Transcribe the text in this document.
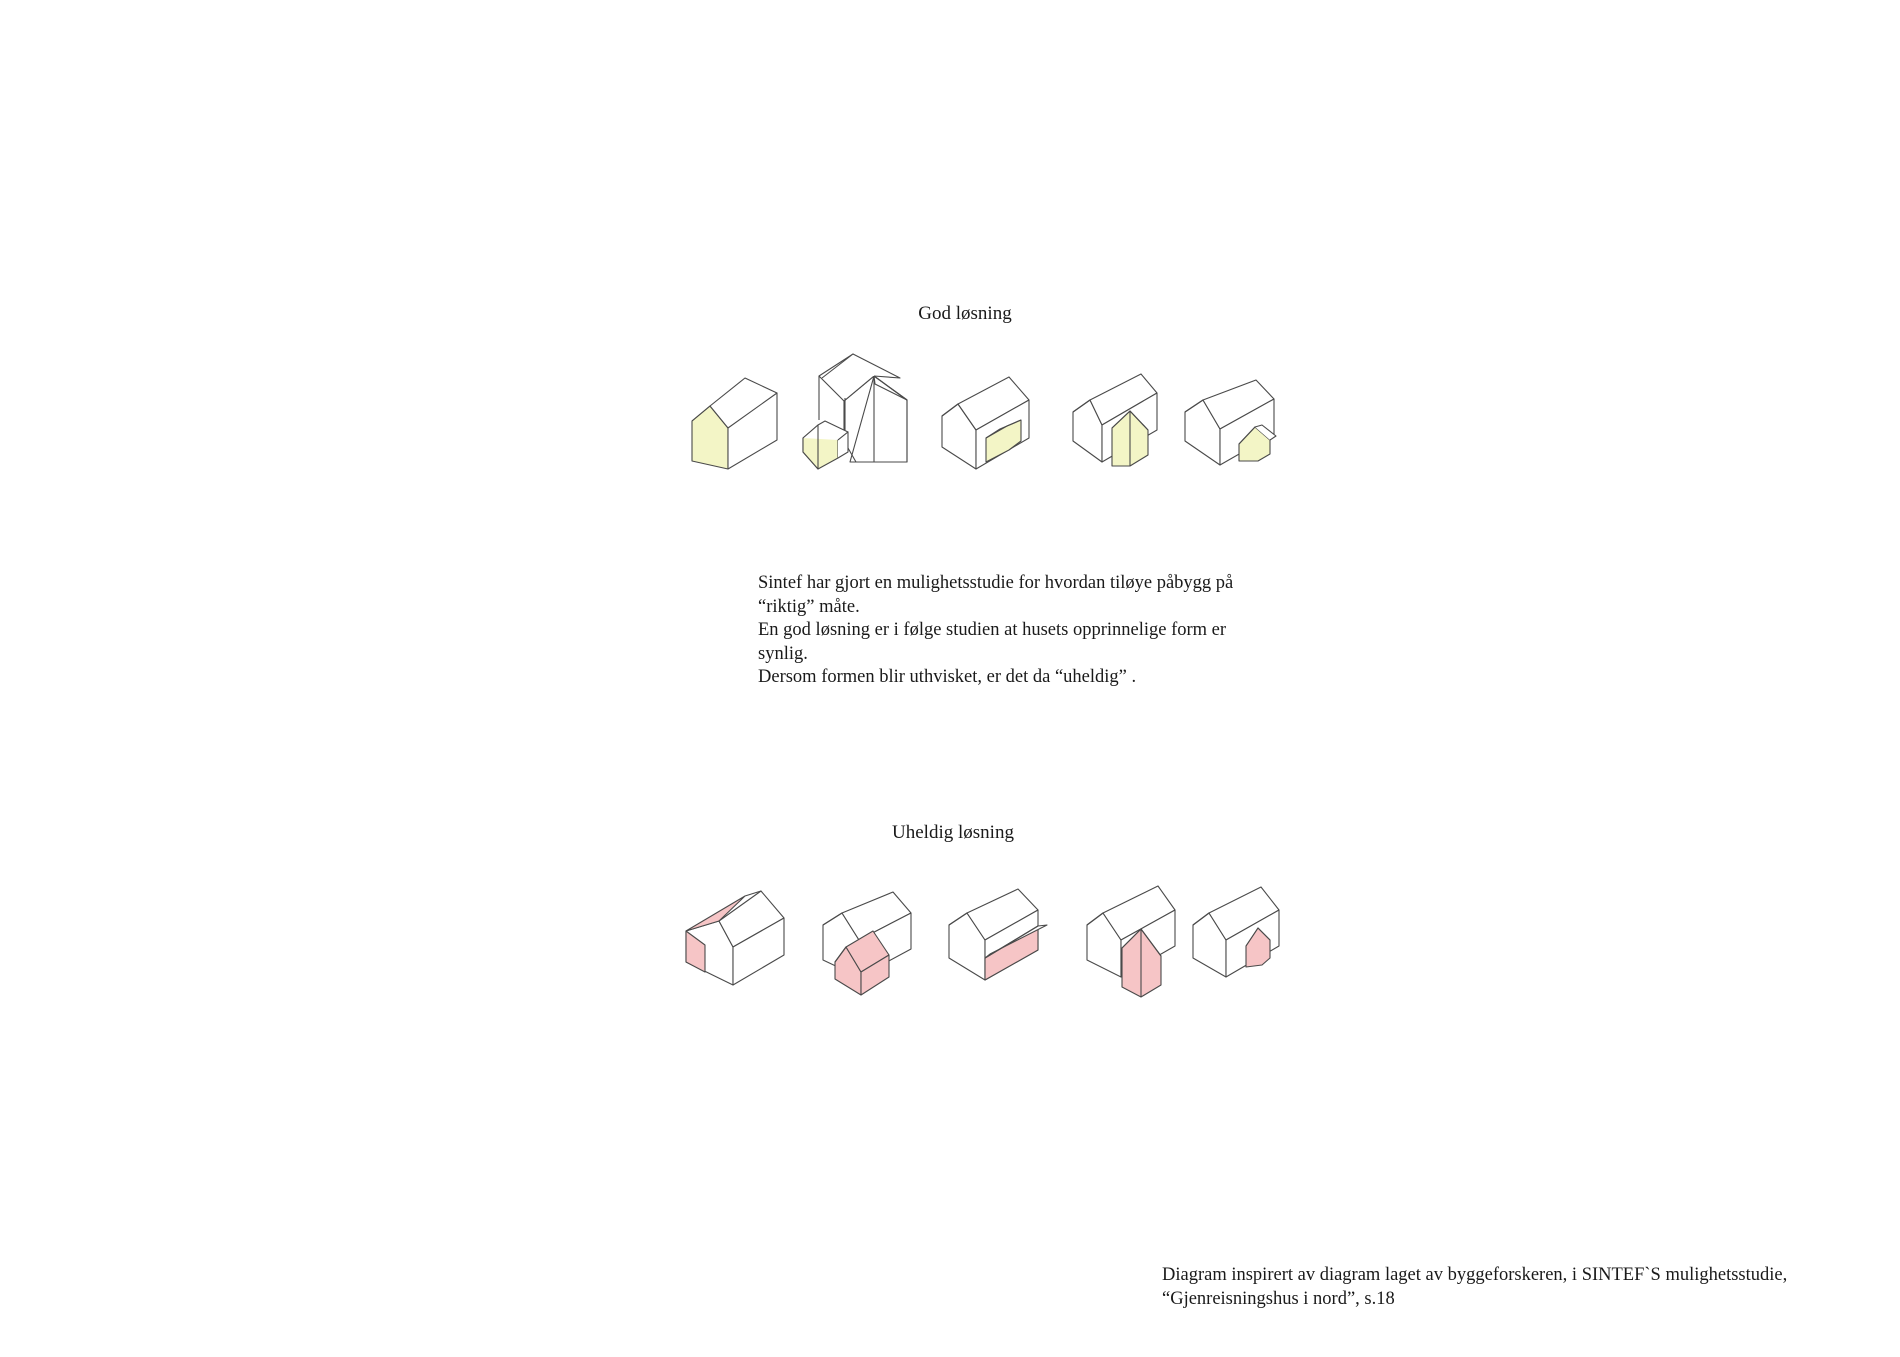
God løsning
Sintef har gjort en mulighetsstudie for hvordan tiløye påbygg på
“riktig” måte.
En god løsning er i følge studien at husets opprinnelige form er
synlig.
Dersom formen blir uthvisket, er det da “uheldig” .
Uheldig løsning
Diagram inspirert av diagram laget av byggeforskeren, i SINTEF`S mulighetsstudie,
“Gjenreisningshus i nord”, s.18
